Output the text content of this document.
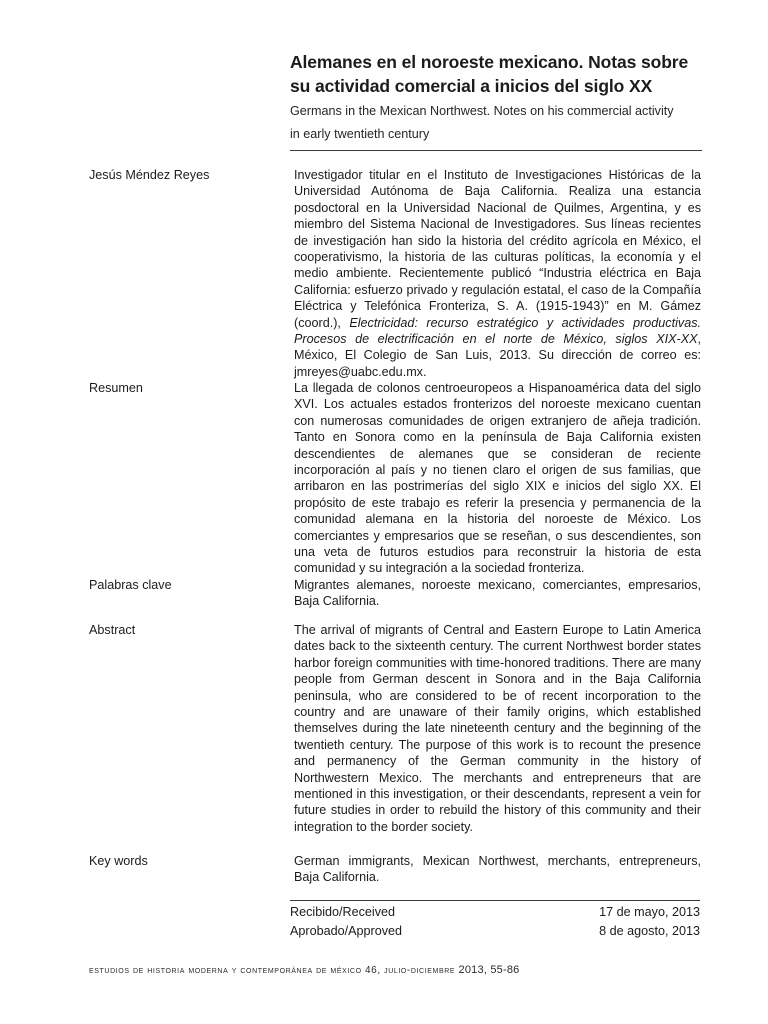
Alemanes en el noroeste mexicano. Notas sobre
su actividad comercial a inicios del siglo XX

Germans in the Mexican Northwest. Notes on his commercial activity
in early twentieth century

Jesús Méndez Reyes	Investigador titular en el Instituto de Investigaciones Históricas de la Universidad Autónoma de Baja California. Realiza una estancia posdoctoral en la Universidad Nacional de Quilmes, Argentina, y es miembro del Sistema Nacional de Investigadores. Sus líneas recientes de investigación han sido la historia del crédito agrícola en México, el cooperativismo, la historia de las culturas políticas, la economía y el medio ambiente. Recientemente publicó “Industria eléctrica en Baja California: esfuerzo privado y regulación estatal, el caso de la Compañía Eléctrica y Telefónica Fronteriza, S. A. (1915-1943)” en M. Gámez (coord.), Electricidad: recurso estratégico y actividades productivas. Procesos de electrificación en el norte de México, siglos XIX-XX, México, El Colegio de San Luis, 2013. Su dirección de correo es: jmreyes@uabc.edu.mx.
Resumen	La llegada de colonos centroeuropeos a Hispanoamérica data del siglo XVI. Los actuales estados fronterizos del noroeste mexicano cuentan con numerosas comunidades de origen extranjero de añeja tradición. Tanto en Sonora como en la península de Baja California existen descendientes de alemanes que se consideran de reciente incorporación al país y no tienen claro el origen de sus familias, que arribaron en las postrimerías del siglo XIX e inicios del siglo XX. El propósito de este trabajo es referir la presencia y permanencia de la comunidad alemana en la historia del noroeste de México. Los comerciantes y empresarios que se reseñan, o sus descendientes, son una veta de futuros estudios para reconstruir la historia de esta comunidad y su integración a la sociedad fronteriza.
Palabras clave	Migrantes alemanes, noroeste mexicano, comerciantes, empresarios, Baja California.
Abstract	The arrival of migrants of Central and Eastern Europe to Latin America dates back to the sixteenth century. The current Northwest border states harbor foreign communities with time-honored traditions. There are many people from German descent in Sonora and in the Baja California peninsula, who are considered to be of recent incorporation to the country and are unaware of their family origins, which established themselves during the late nineteenth century and the beginning of the twentieth century. The purpose of this work is to recount the presence and permanency of the German community in the history of Northwestern Mexico. The merchants and entrepreneurs that are mentioned in this investigation, or their descendants, represent a vein for future studies in order to rebuild the history of this community and their integration to the border society.
Key words	German immigrants, Mexican Northwest, merchants, entrepreneurs, Baja California.
Recibido/Received	17 de mayo, 2013
Aprobado/Approved	8 de agosto, 2013
estudios de historia moderna y contemporánea de méxico 46, julio-diciembre 2013, 55-86
